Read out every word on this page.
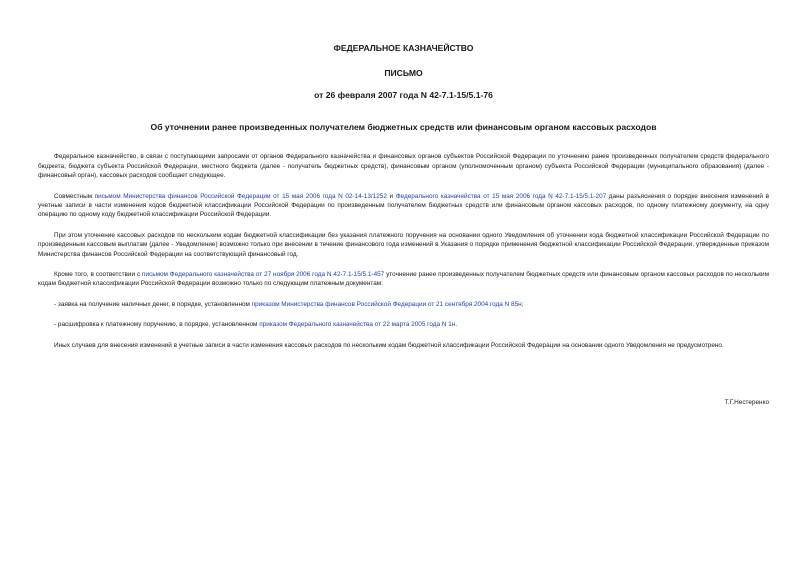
ФЕДЕРАЛЬНОЕ КАЗНАЧЕЙСТВО
ПИСЬМО
от 26 февраля 2007 года N 42-7.1-15/5.1-76
Об уточнении ранее произведенных получателем бюджетных средств или финансовым органом кассовых расходов

Федеральное казначейство, в связи с поступающими запросами от органов Федерального казначейства и финансовых органов субъектов Российской Федерации по уточнению ранее произведенных получателем средств федерального бюджета, бюджета субъекта Российской Федерации, местного бюджета (далее - получатель бюджетных средств), финансовым органом (уполномоченным органом) субъекта Российской Федерации (муниципального образования) (далее - финансовый орган), кассовых расходов сообщает следующее.

Совместным письмом Министерства финансов Российской Федерации от 15 мая 2006 года N 02-14-13/1252 и Федерального казначейства от 15 мая 2006 года N 42-7.1-15/5.1-207 даны разъяснения о порядке внесения изменений в учетные записи в части изменения кодов бюджетной классификации Российской Федерации по произведенным получателем бюджетных средств или финансовым органом кассовых расходов, по одному платежному документу, на одну операцию по одному коду бюджетной классификации Российской Федерации.

При этом уточнение кассовых расходов по нескольким кодам бюджетной классификации без указания платежного поручения на основании одного Уведомления об уточнении кода бюджетной классификации Российской Федерации по произведенным кассовым выплатам (далее - Уведомление) возможно только при внесении в течение финансового года изменений в Указания о порядке применения бюджетной классификации Российской Федерации, утвержденные приказом Министерства финансов Российской Федерации на соответствующий финансовый год.

Кроме того, в соответствии с письмом Федерального казначейства от 27 ноября 2006 года N 42-7.1-15/5.1-457 уточнение ранее произведенных получателем бюджетных средств или финансовым органом кассовых расходов по нескольким кодам бюджетной классификации Российской Федерации возможно только по следующим платежным документам:

- заявка на получение наличных денег, в порядке, установленном приказом Министерства финансов Российской Федерации от 21 сентября 2004 года N 85н;

- расшифровка к платежному поручению, в порядке, установленном приказом Федерального казначейства от 22 марта 2005 года N 1н.

Иных случаев для внесения изменений в учетные записи в части изменения кассовых расходов по нескольким кодам бюджетной классификации Российской Федерации на основании одного Уведомления не предусмотрено.

Т.Г.Нестеренко
